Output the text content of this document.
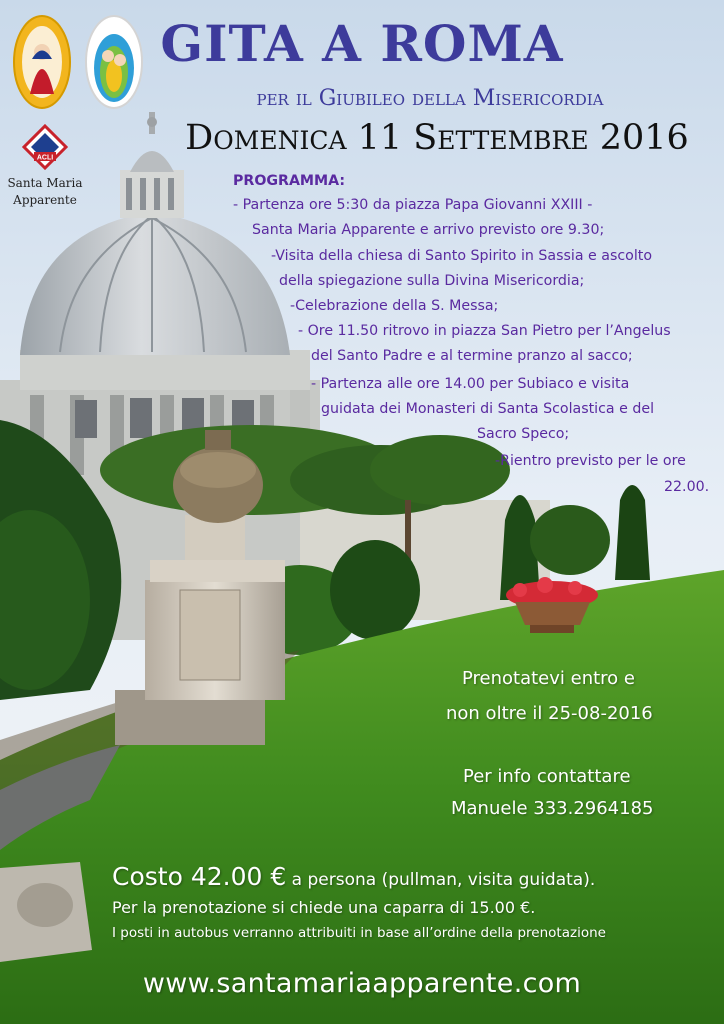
ACLI
Santa Maria
Apparente
GITA A ROMA
per il Giubileo della Misericordia
Domenica 11 Settembre 2016
PROGRAMMA:
- Partenza ore 5:30 da piazza Papa Giovanni XXIII -
Santa Maria Apparente e arrivo previsto ore 9.30;
-Visita della chiesa di Santo Spirito in Sassia e ascolto
della spiegazione sulla Divina Misericordia;
-Celebrazione della S. Messa;
- Ore 11.50 ritrovo in piazza San Pietro per l’Angelus
del Santo Padre e al termine pranzo al sacco;
- Partenza alle ore 14.00 per Subiaco e visita
guidata dei Monasteri di Santa Scolastica e del
Sacro Speco;
-Rientro previsto per le ore
22.00.
Prenotatevi entro e
non oltre il 25-08-2016
Per info contattare
Manuele 333.2964185
Costo 42.00 € a persona (pullman, visita guidata).
Per la prenotazione si chiede una caparra di 15.00 €.
I posti in autobus verranno attribuiti in base all’ordine della prenotazione
www.santamariaapparente.com
